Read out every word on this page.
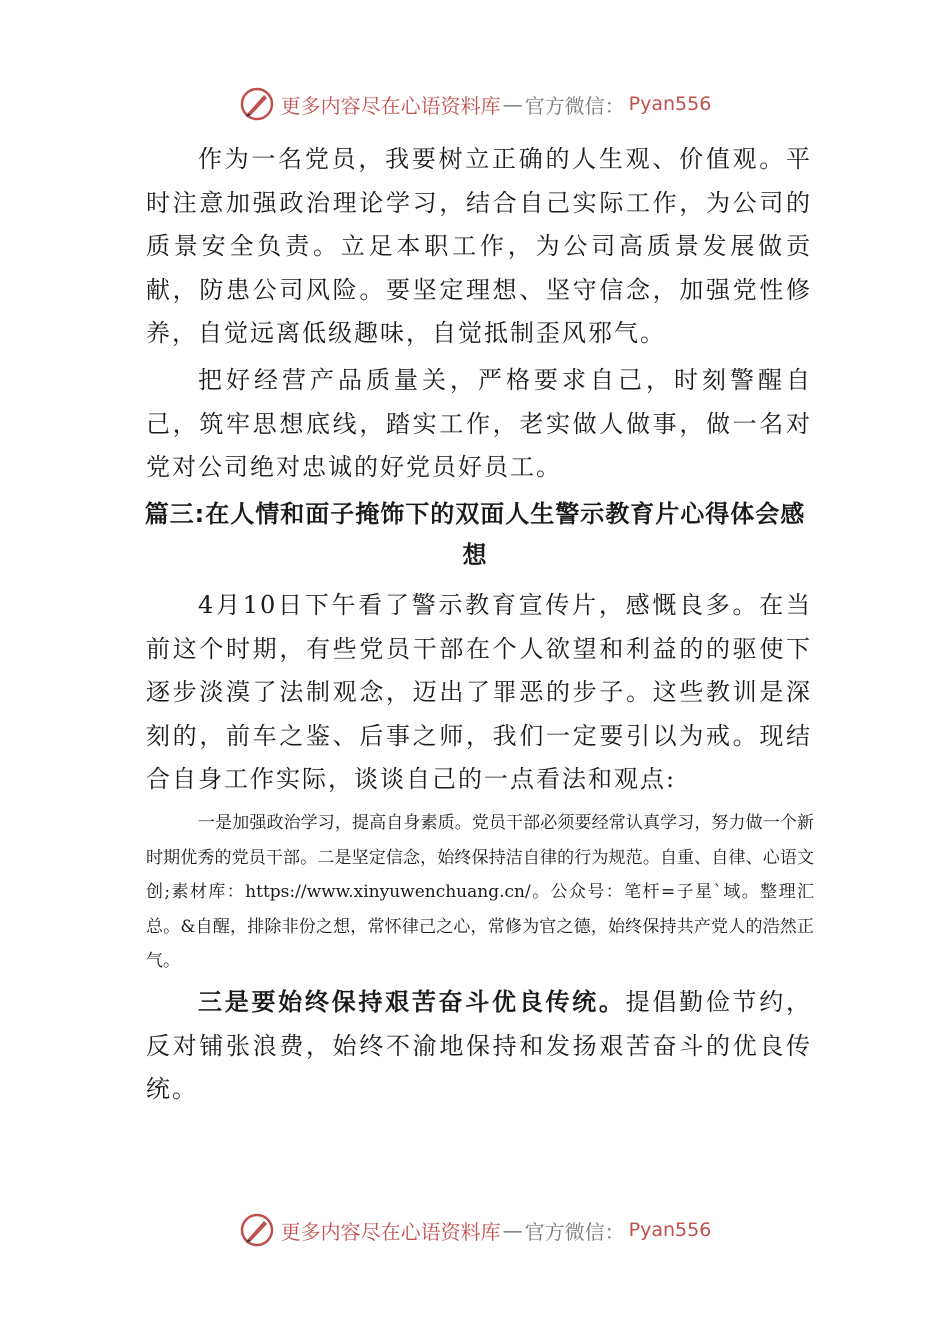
更多内容尽在心语资料库 — 官方微信： Pyan556

作为一名党员，我要树立正确的人生观、价值观。平时注意加强政治理论学习，结合自己实际工作，为公司的质景安全负责。立足本职工作，为公司高质景发展做贡献，防患公司风险。要坚定理想、坚守信念，加强党性修养，自觉远离低级趣味，自觉抵制歪风邪气。

把好经营产品质量关，严格要求自己，时刻警醒自己，筑牢思想底线，踏实工作，老实做人做事，做一名对党对公司绝对忠诚的好党员好员工。

篇三:在人情和面子掩饰下的双面人生警示教育片心得体会感想

4月10日下午看了警示教育宣传片，感慨良多。在当前这个时期，有些党员干部在个人欲望和利益的的驱使下逐步淡漠了法制观念，迈出了罪恶的步子。这些教训是深刻的，前车之鉴、后事之师，我们一定要引以为戒。现结合自身工作实际，谈谈自己的一点看法和观点:

一是加强政治学习，提高自身素质。党员干部必须要经常认真学习，努力做一个新时期优秀的党员干部。二是坚定信念，始终保持洁自律的行为规范。自重、自律、心语文创;素材库：https://www.xinyuwenchuang.cn/。公众号：笔杆=子星`域。整理汇总。&自醒，排除非份之想，常怀律己之心，常修为官之德，始终保持共产党人的浩然正气。

三是要始终保持艰苦奋斗优良传统。提倡勤俭节约，反对铺张浪费，始终不渝地保持和发扬艰苦奋斗的优良传统。

更多内容尽在心语资料库 — 官方微信： Pyan556
